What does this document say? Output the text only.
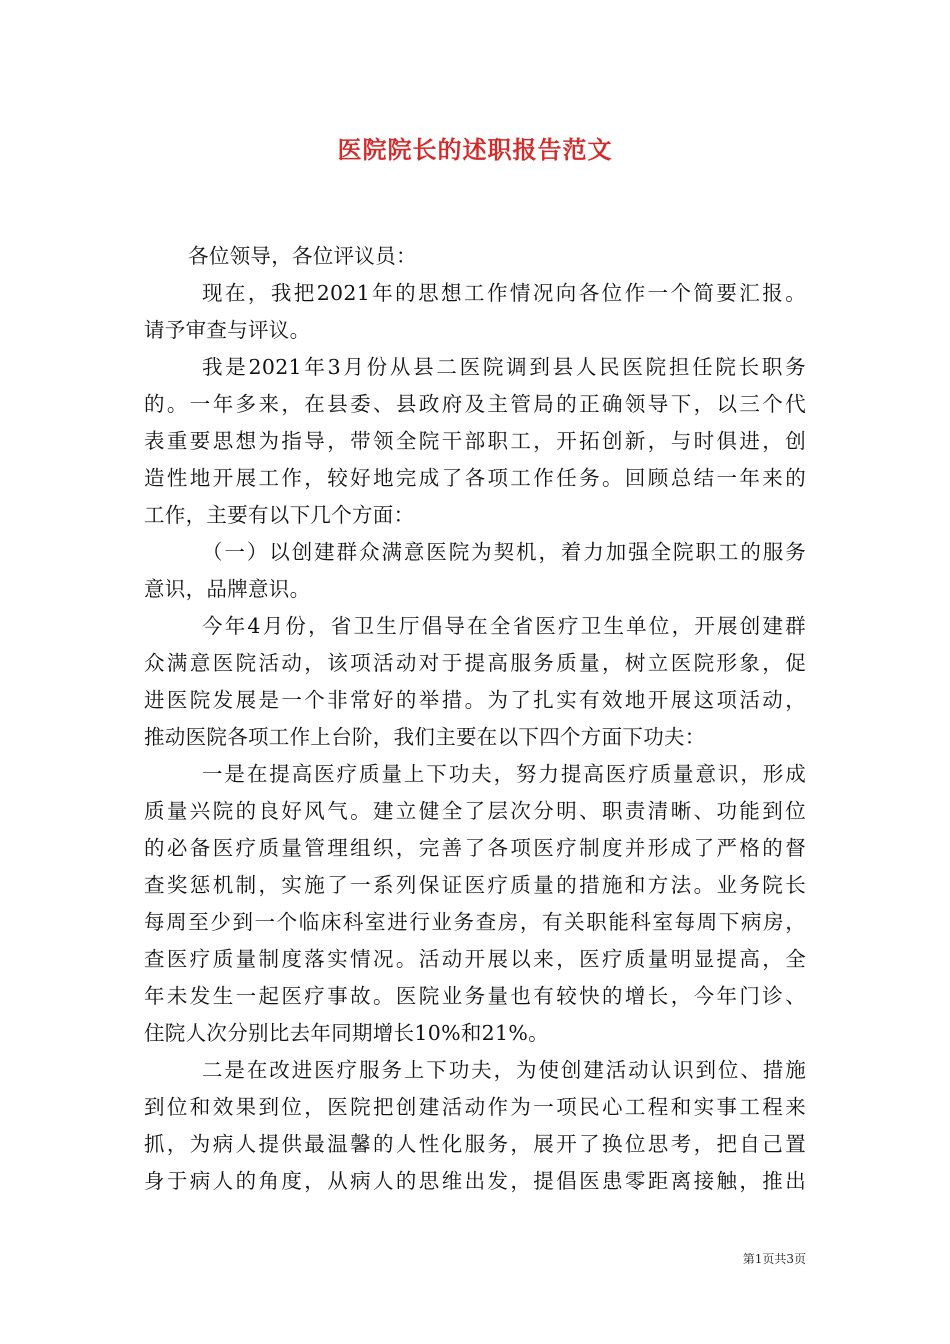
医院院长的述职报告范文
各位领导，各位评议员：
现在，我把2021年的思想工作情况向各位作一个简要汇报。
请予审查与评议。
我是2021年3月份从县二医院调到县人民医院担任院长职务
的。一年多来，在县委、县政府及主管局的正确领导下，以三个代
表重要思想为指导，带领全院干部职工，开拓创新，与时俱进，创
造性地开展工作，较好地完成了各项工作任务。回顾总结一年来的
工作，主要有以下几个方面：
（一）以创建群众满意医院为契机，着力加强全院职工的服务
意识，品牌意识。
今年4月份，省卫生厅倡导在全省医疗卫生单位，开展创建群
众满意医院活动，该项活动对于提高服务质量，树立医院形象，促
进医院发展是一个非常好的举措。为了扎实有效地开展这项活动，
推动医院各项工作上台阶，我们主要在以下四个方面下功夫：
一是在提高医疗质量上下功夫，努力提高医疗质量意识，形成
质量兴院的良好风气。建立健全了层次分明、职责清晰、功能到位
的必备医疗质量管理组织，完善了各项医疗制度并形成了严格的督
查奖惩机制，实施了一系列保证医疗质量的措施和方法。业务院长
每周至少到一个临床科室进行业务查房，有关职能科室每周下病房，
查医疗质量制度落实情况。活动开展以来，医疗质量明显提高，全
年未发生一起医疗事故。医院业务量也有较快的增长，今年门诊、
住院人次分别比去年同期增长10%和21%。
二是在改进医疗服务上下功夫，为使创建活动认识到位、措施
到位和效果到位，医院把创建活动作为一项民心工程和实事工程来
抓，为病人提供最温馨的人性化服务，展开了换位思考，把自己置
身于病人的角度，从病人的思维出发，提倡医患零距离接触，推出
第1页共3页
